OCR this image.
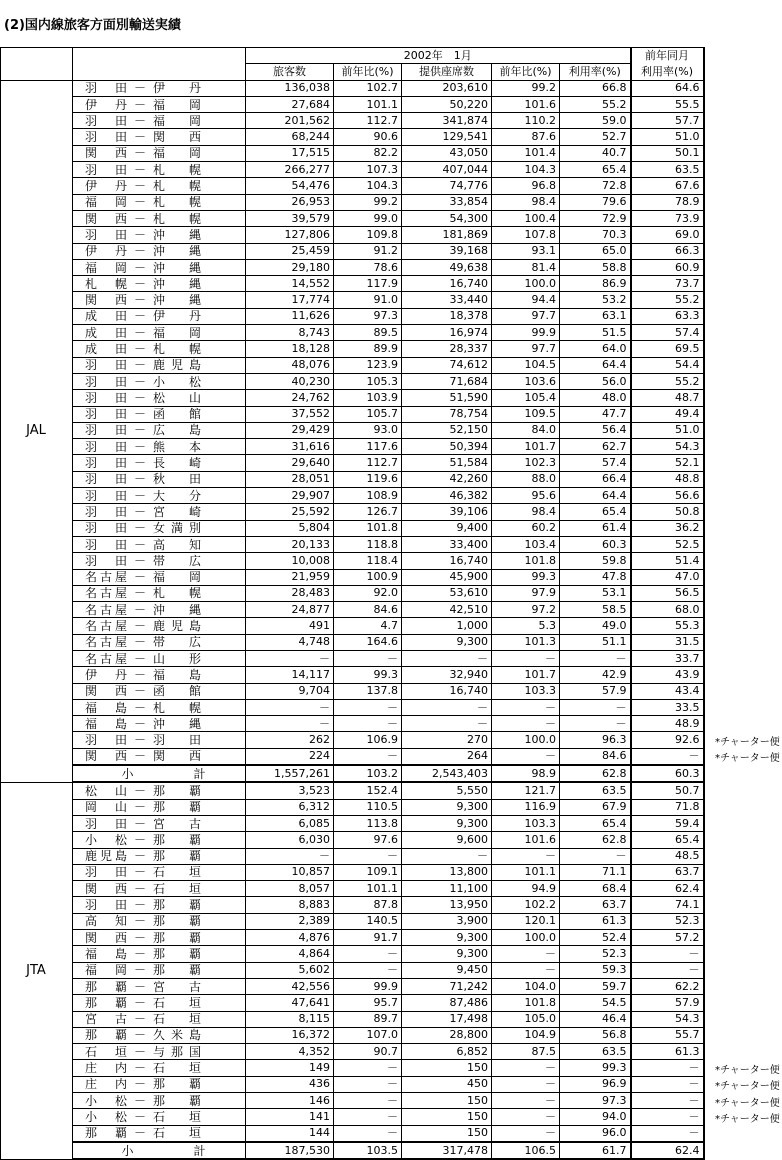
(2)国内線旅客方面別輸送実績
		2002年　1月					前年同月
		旅客数	前年比(%)	提供座席数	前年比(%)	利用率(%)	利用率(%)
JAL	羽田 － 伊丹	136,038	102.7	203,610	99.2	66.8	64.6
	伊丹 － 福岡	27,684	101.1	50,220	101.6	55.2	55.5
	羽田 － 福岡	201,562	112.7	341,874	110.2	59.0	57.7
	羽田 － 関西	68,244	90.6	129,541	87.6	52.7	51.0
	関西 － 福岡	17,515	82.2	43,050	101.4	40.7	50.1
	羽田 － 札幌	266,277	107.3	407,044	104.3	65.4	63.5
	伊丹 － 札幌	54,476	104.3	74,776	96.8	72.8	67.6
	福岡 － 札幌	26,953	99.2	33,854	98.4	79.6	78.9
	関西 － 札幌	39,579	99.0	54,300	100.4	72.9	73.9
	羽田 － 沖縄	127,806	109.8	181,869	107.8	70.3	69.0
	伊丹 － 沖縄	25,459	91.2	39,168	93.1	65.0	66.3
	福岡 － 沖縄	29,180	78.6	49,638	81.4	58.8	60.9
	札幌 － 沖縄	14,552	117.9	16,740	100.0	86.9	73.7
	関西 － 沖縄	17,774	91.0	33,440	94.4	53.2	55.2
	成田 － 伊丹	11,626	97.3	18,378	97.7	63.1	63.3
	成田 － 福岡	8,743	89.5	16,974	99.9	51.5	57.4
	成田 － 札幌	18,128	89.9	28,337	97.7	64.0	69.5
	羽田 － 鹿児島	48,076	123.9	74,612	104.5	64.4	54.4
	羽田 － 小松	40,230	105.3	71,684	103.6	56.0	55.2
	羽田 － 松山	24,762	103.9	51,590	105.4	48.0	48.7
	羽田 － 函館	37,552	105.7	78,754	109.5	47.7	49.4
	羽田 － 広島	29,429	93.0	52,150	84.0	56.4	51.0
	羽田 － 熊本	31,616	117.6	50,394	101.7	62.7	54.3
	羽田 － 長崎	29,640	112.7	51,584	102.3	57.4	52.1
	羽田 － 秋田	28,051	119.6	42,260	88.0	66.4	48.8
	羽田 － 大分	29,907	108.9	46,382	95.6	64.4	56.6
	羽田 － 宮崎	25,592	126.7	39,106	98.4	65.4	50.8
	羽田 － 女満別	5,804	101.8	9,400	60.2	61.4	36.2
	羽田 － 高知	20,133	118.8	33,400	103.4	60.3	52.5
	羽田 － 帯広	10,008	118.4	16,740	101.8	59.8	51.4
	名古屋 － 福岡	21,959	100.9	45,900	99.3	47.8	47.0
	名古屋 － 札幌	28,483	92.0	53,610	97.9	53.1	56.5
	名古屋 － 沖縄	24,877	84.6	42,510	97.2	58.5	68.0
	名古屋 － 鹿児島	491	4.7	1,000	5.3	49.0	55.3
	名古屋 － 帯広	4,748	164.6	9,300	101.3	51.1	31.5
	名古屋 － 山形	－	－	－	－	－	33.7
	伊丹 － 福島	14,117	99.3	32,940	101.7	42.9	43.9
	関西 － 函館	9,704	137.8	16,740	103.3	57.9	43.4
	福島 － 札幌	－	－	－	－	－	33.5
	福島 － 沖縄	－	－	－	－	－	48.9
	羽田 － 羽田	262	106.9	270	100.0	96.3	92.6
	関西 － 関西	224	－	264	－	84.6	－
	小　　　　　計	1,557,261	103.2	2,543,403	98.9	62.8	60.3
JTA	松山 － 那覇	3,523	152.4	5,550	121.7	63.5	50.7
	岡山 － 那覇	6,312	110.5	9,300	116.9	67.9	71.8
	羽田 － 宮古	6,085	113.8	9,300	103.3	65.4	59.4
	小松 － 那覇	6,030	97.6	9,600	101.6	62.8	65.4
	鹿児島 － 那覇	－	－	－	－	－	48.5
	羽田 － 石垣	10,857	109.1	13,800	101.1	71.1	63.7
	関西 － 石垣	8,057	101.1	11,100	94.9	68.4	62.4
	羽田 － 那覇	8,883	87.8	13,950	102.2	63.7	74.1
	高知 － 那覇	2,389	140.5	3,900	120.1	61.3	52.3
	関西 － 那覇	4,876	91.7	9,300	100.0	52.4	57.2
	福島 － 那覇	4,864	－	9,300	－	52.3	－
	福岡 － 那覇	5,602	－	9,450	－	59.3	－
	那覇 － 宮古	42,556	99.9	71,242	104.0	59.7	62.2
	那覇 － 石垣	47,641	95.7	87,486	101.8	54.5	57.9
	宮古 － 石垣	8,115	89.7	17,498	105.0	46.4	54.3
	那覇 － 久米島	16,372	107.0	28,800	104.9	56.8	55.7
	石垣 － 与那国	4,352	90.7	6,852	87.5	63.5	61.3
	庄内 － 石垣	149	－	150	－	99.3	－
	庄内 － 那覇	436	－	450	－	96.9	－
	小松 － 那覇	146	－	150	－	97.3	－
	小松 － 石垣	141	－	150	－	94.0	－
	那覇 － 石垣	144	－	150	－	96.0	－
	小　　　　　計	187,530	103.5	317,478	106.5	61.7	62.4
*チャーター便
*チャーター便
*チャーター便
*チャーター便
*チャーター便
*チャーター便
